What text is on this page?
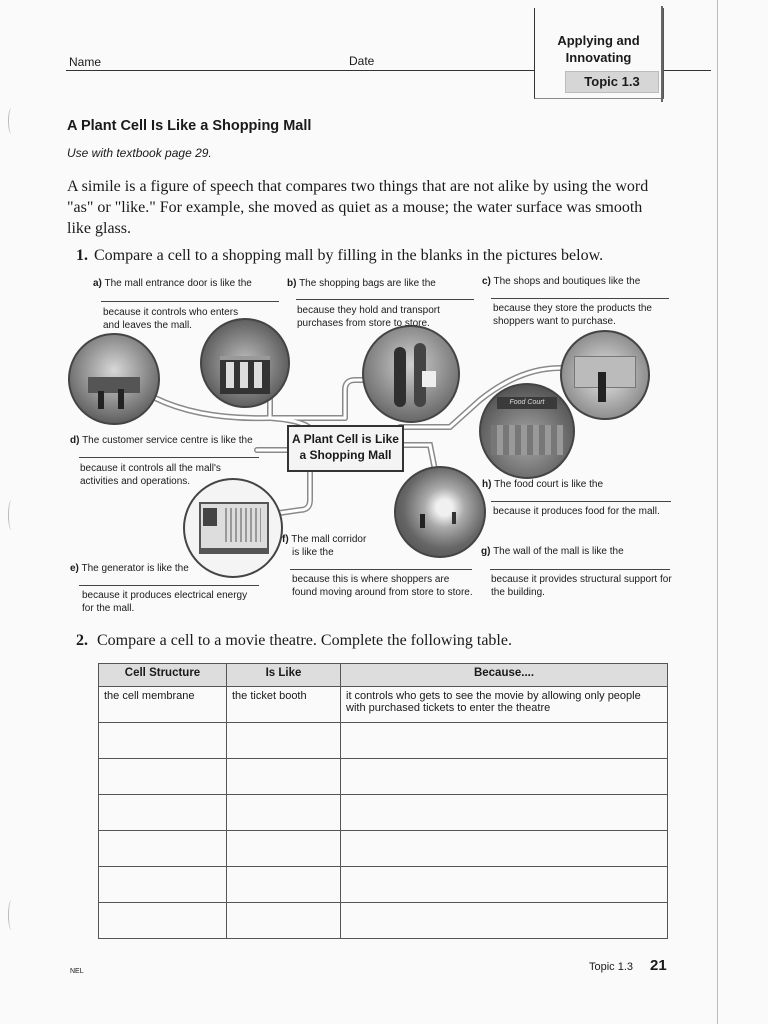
Name	Date
Applying and
Innovating
Topic 1.3
A Plant Cell Is Like a Shopping Mall
Use with textbook page 29.
A simile is a figure of speech that compares two things that are not alike by using the word "as" or "like." For example, she moved as quiet as a mouse; the water surface was smooth like glass.
1. Compare a cell to a shopping mall by filling in the blanks in the pictures below.
Food Court
A Plant Cell is Like
a Shopping Mall
a) The mall entrance door is like the
because it controls who enters and leaves the mall.
b) The shopping bags are like the
because they hold and transport purchases from store to store.
c) The shops and boutiques like the
because they store the products the shoppers want to purchase.
d) The customer service centre is like the
because it controls all the mall's activities and operations.
e) The generator is like the
because it produces electrical energy for the mall.
f) The mall corridor
is like the
because this is where shoppers are found moving around from store to store.
g) The wall of the mall is like the
because it provides structural support for the building.
h) The food court is like the
because it produces food for the mall.
2. Compare a cell to a movie theatre. Complete the following table.
Cell Structure	Is Like	Because....
the cell membrane	the ticket booth	it controls who gets to see the movie by allowing only people with purchased tickets to enter the theatre

NEL	Topic 1.3 21
